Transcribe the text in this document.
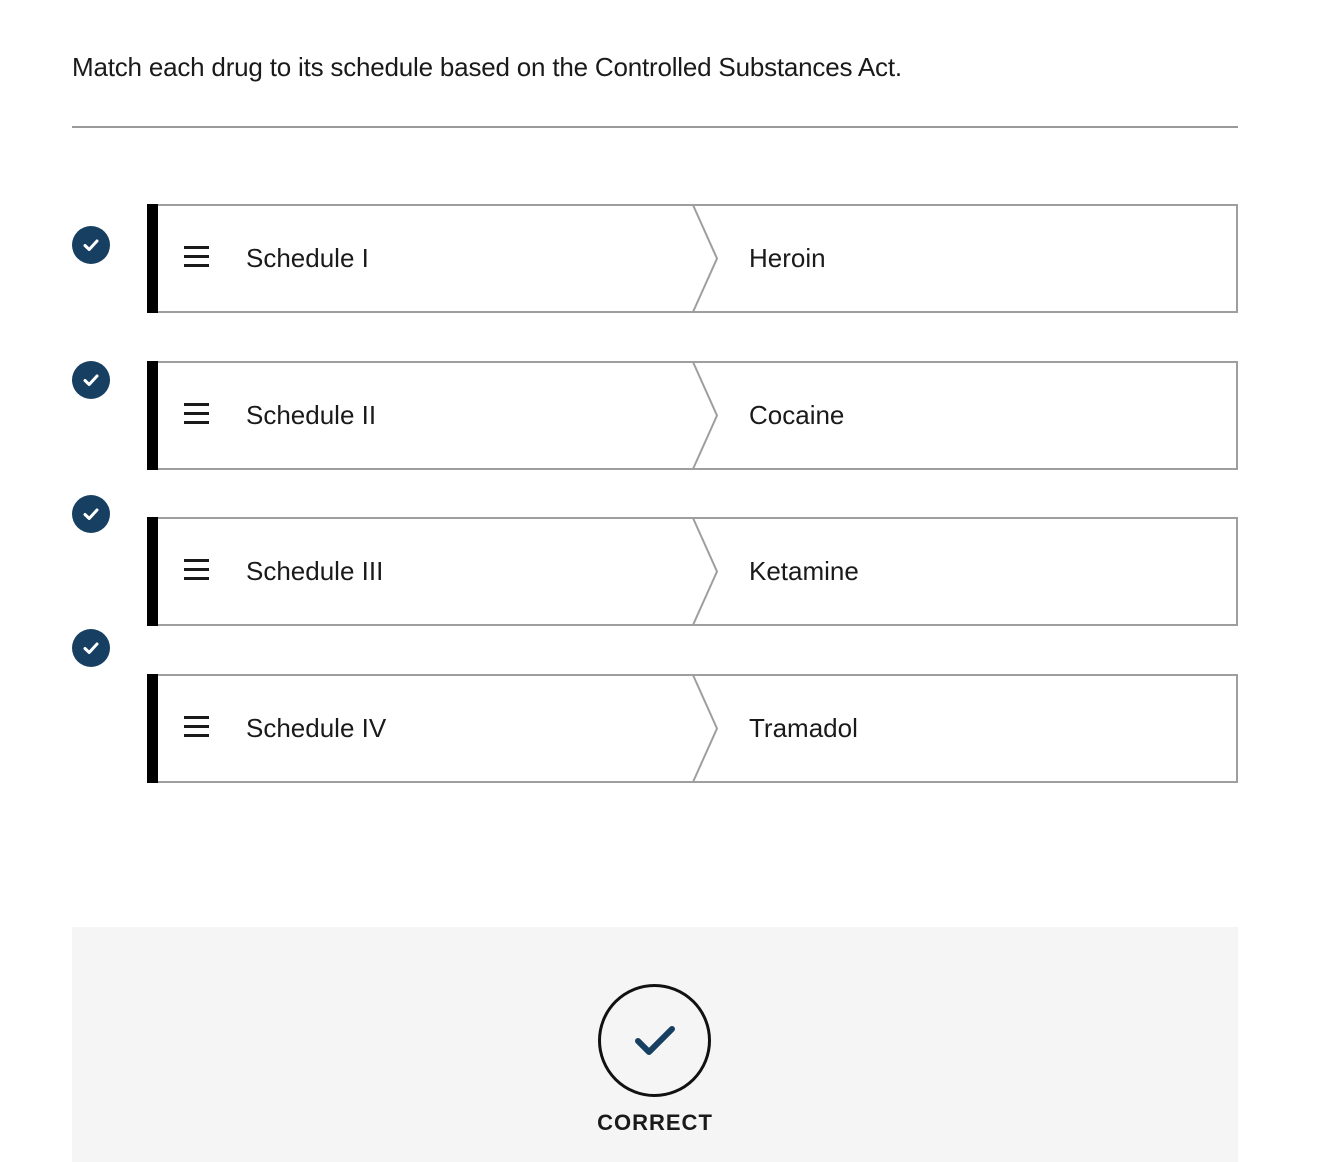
Match each drug to its schedule based on the Controlled Substances Act.

Schedule I	Heroin
Schedule II	Cocaine
Schedule III	Ketamine
Schedule IV	Tramadol
CORRECT
